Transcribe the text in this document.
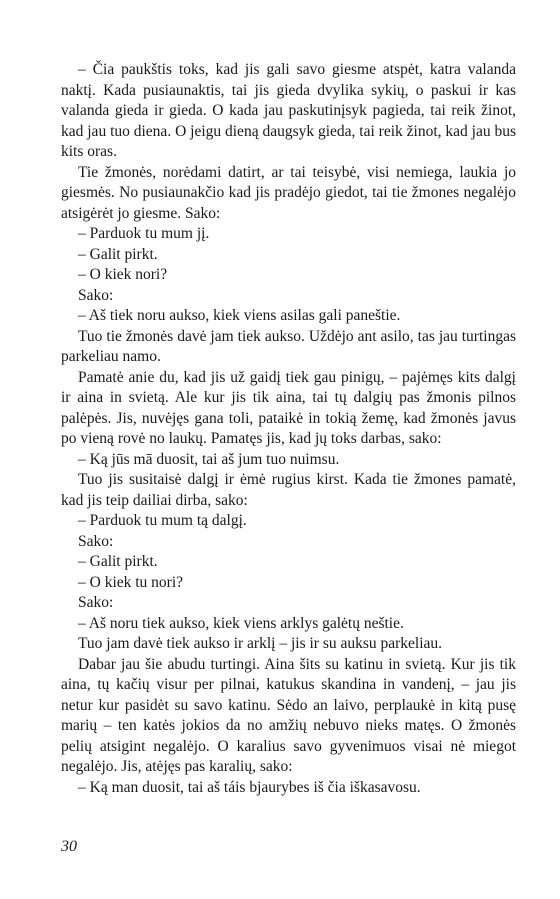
– Čia paukštis toks, kad jis gali savo giesme atspėt, katra valanda naktį. Kada pusiaunaktis, tai jis gieda dvylika sykių, o paskui ir kas valanda gieda ir gieda. O kada jau paskutinįsyk pagieda, tai reik žinot, kad jau tuo diena. O jeigu dieną daugsyk gieda, tai reik žinot, kad jau bus kits oras.

Tie žmonės, norėdami datirt, ar tai teisybė, visi nemiega, laukia jo giesmės. No pusiaunakčio kad jis pradėjo giedot, tai tie žmones negalėjo atsigėrėt jo giesme. Sako:

– Parduok tu mum jį.

– Galit pirkt.

– O kiek nori?

Sako:

– Aš tiek noru aukso, kiek viens asilas gali paneštie.

Tuo tie žmonės davė jam tiek aukso. Uždėjo ant asilo, tas jau turtingas parkeliau namo.

Pamatė anie du, kad jis už gaidį tiek gau pinigų, – pajėmęs kits dalgį ir aina in svietą. Ale kur jis tik aina, tai tų dalgių pas žmonis pilnos palėpės. Jis, nuvėjęs gana toli, pataikė in tokią žemę, kad žmonės javus po vieną rovė no laukų. Pamatęs jis, kad jų toks darbas, sako:

– Ką jūs mā duosit, tai aš jum tuo nuimsu.

Tuo jis susitaisė dalgį ir ėmė rugius kirst. Kada tie žmones pamatė, kad jis teip dailiai dirba, sako:

– Parduok tu mum tą dalgį.

Sako:

– Galit pirkt.

– O kiek tu nori?

Sako:

– Aš noru tiek aukso, kiek viens arklys galėtų neštie.

Tuo jam davė tiek aukso ir arklį – jis ir su auksu parkeliau.

Dabar jau šie abudu turtingi. Aina šits su katinu in svietą. Kur jis tik aina, tų kačių visur per pilnai, katukus skandina in vandenį, – jau jis netur kur pasidėt su savo katinu. Sėdo an laivo, perplaukė in kitą pusę marių – ten katės jokios da no amžių nebuvo nieks matęs. O žmonės pelių atsigint negalėjo. O karalius savo gyvenimuos visai nė miegot negalėjo. Jis, atėjęs pas karalių, sako:

– Ką man duosit, tai aš táis bjaurybes iš čia iškasavosu.

30
